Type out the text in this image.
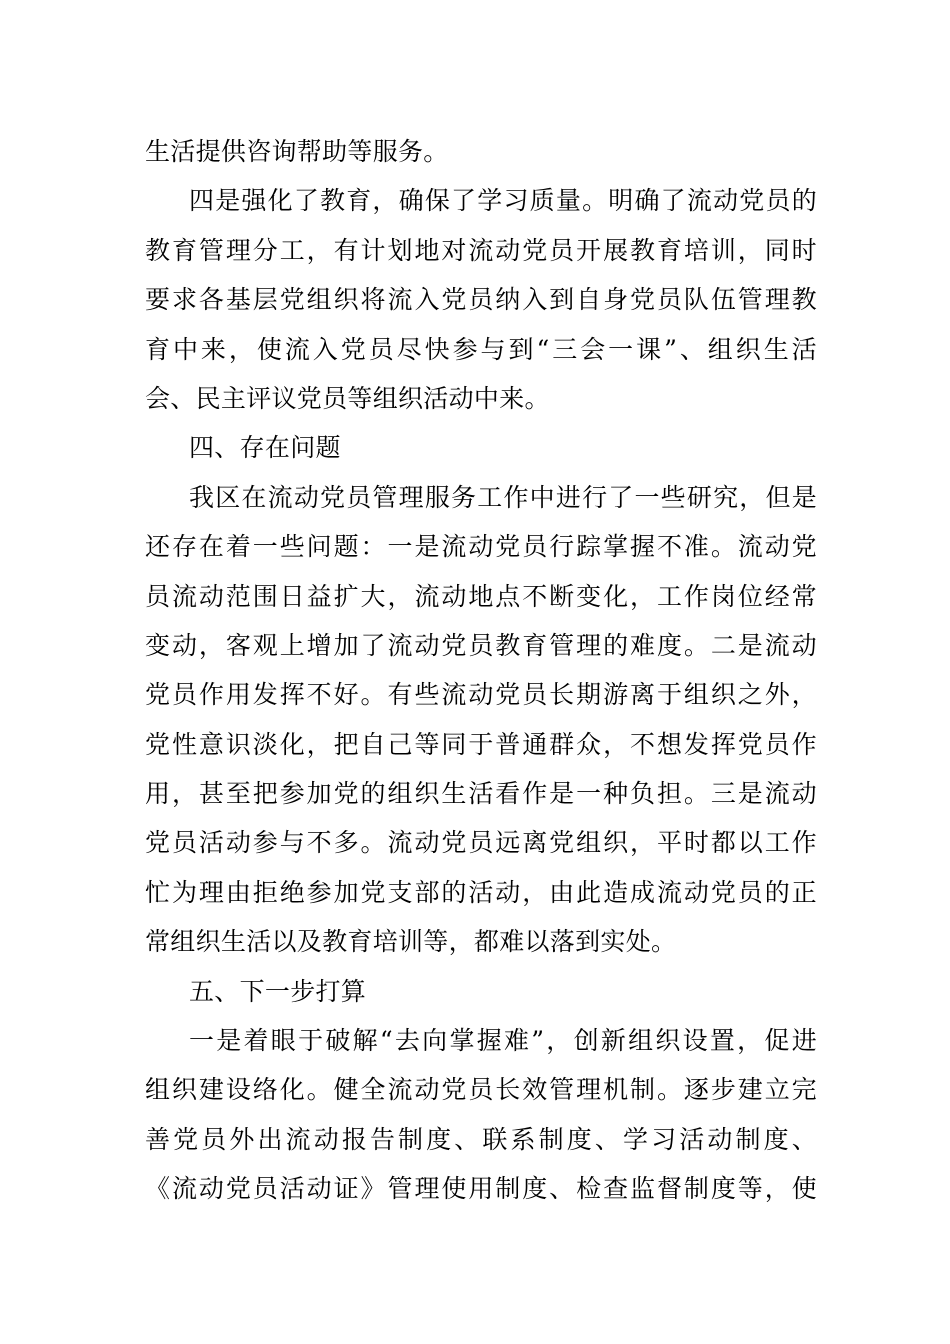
生活提供咨询帮助等服务。
四是强化了教育，确保了学习质量。明确了流动党员的
教育管理分工，有计划地对流动党员开展教育培训，同时
要求各基层党组织将流入党员纳入到自身党员队伍管理教
育中来，使流入党员尽快参与到“三会一课”、组织生活
会、民主评议党员等组织活动中来。
四、存在问题
我区在流动党员管理服务工作中进行了一些研究，但是
还存在着一些问题：一是流动党员行踪掌握不准。流动党
员流动范围日益扩大，流动地点不断变化，工作岗位经常
变动，客观上增加了流动党员教育管理的难度。二是流动
党员作用发挥不好。有些流动党员长期游离于组织之外，
党性意识淡化，把自己等同于普通群众，不想发挥党员作
用，甚至把参加党的组织生活看作是一种负担。三是流动
党员活动参与不多。流动党员远离党组织，平时都以工作
忙为理由拒绝参加党支部的活动，由此造成流动党员的正
常组织生活以及教育培训等，都难以落到实处。
五、下一步打算
一是着眼于破解“去向掌握难”，创新组织设置，促进
组织建设络化。健全流动党员长效管理机制。逐步建立完
善党员外出流动报告制度、联系制度、学习活动制度、
《流动党员活动证》管理使用制度、检查监督制度等，使
